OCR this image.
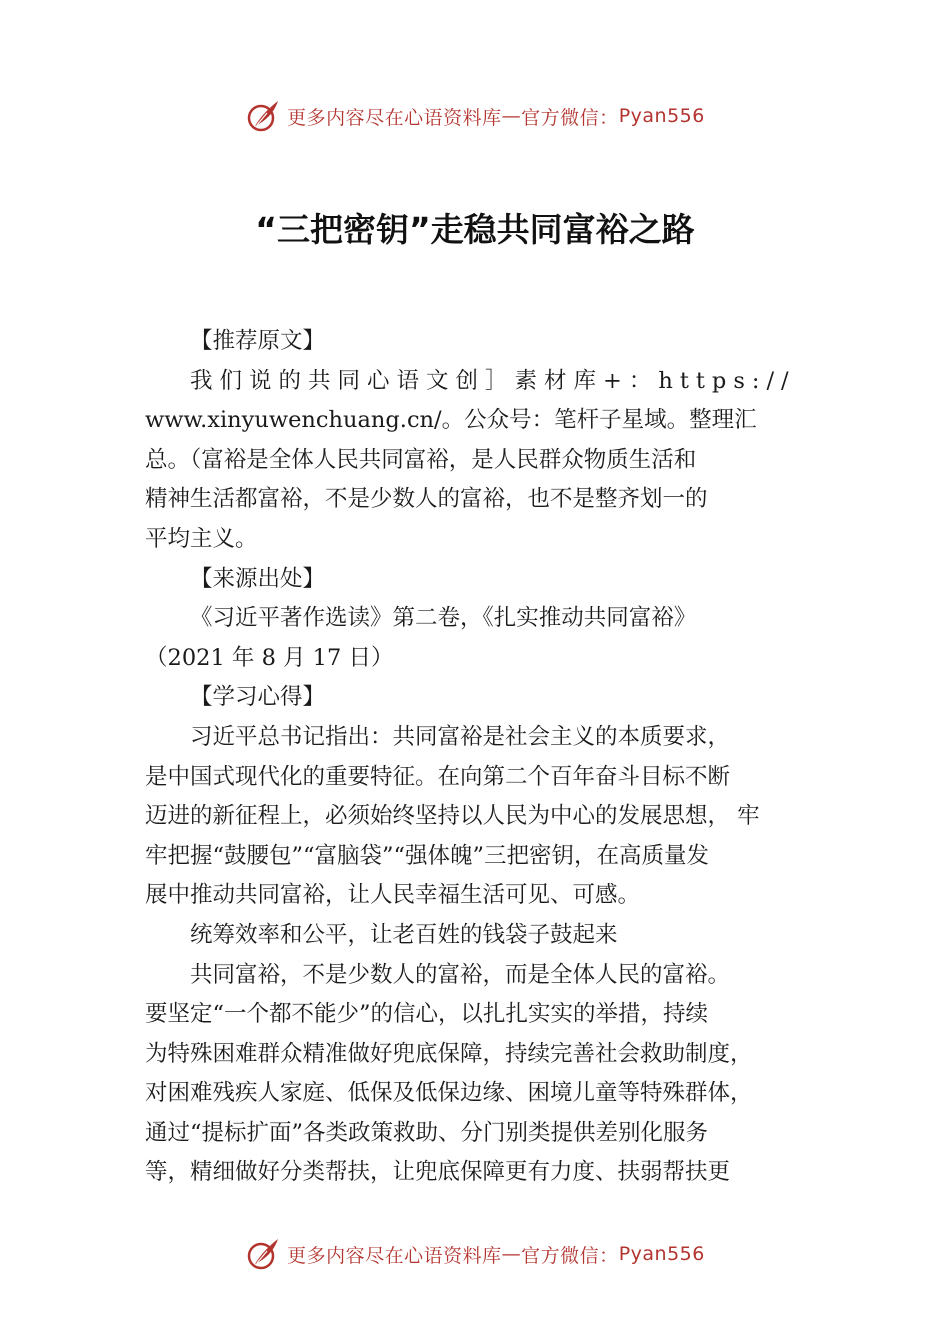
更多内容尽在心语资料库 — 官方微信： Pyan556
“三把密钥”走稳共同富裕之路

【推荐原文】

我们说的共同心语文创］素材库+：https://

www.xinyuwenchuang.cn/。公众号：笔杆子星域。整理汇

总。（富裕是全体人民共同富裕，是人民群众物质生活和

精神生活都富裕，不是少数人的富裕，也不是整齐划一的

平均主义。

【来源出处】

《习近平著作选读》第二卷，《扎实推动共同富裕》

（2021 年 8 月 17 日）

【学习心得】

习近平总书记指出：共同富裕是社会主义的本质要求，

是中国式现代化的重要特征。在向第二个百年奋斗目标不断

迈进的新征程上，必须始终坚持以人民为中心的发展思想， 牢

牢把握“鼓腰包”“富脑袋”“强体魄”三把密钥，在高质量发

展中推动共同富裕，让人民幸福生活可见、可感。

统筹效率和公平，让老百姓的钱袋子鼓起来

共同富裕，不是少数人的富裕，而是全体人民的富裕。

要坚定“一个都不能少”的信心，以扎扎实实的举措，持续

为特殊困难群众精准做好兜底保障，持续完善社会救助制度，

对困难残疾人家庭、低保及低保边缘、困境儿童等特殊群体，

通过“提标扩面”各类政策救助、分门别类提供差别化服务

等，精细做好分类帮扶，让兜底保障更有力度、扶弱帮扶更

更多内容尽在心语资料库 — 官方微信： Pyan556
